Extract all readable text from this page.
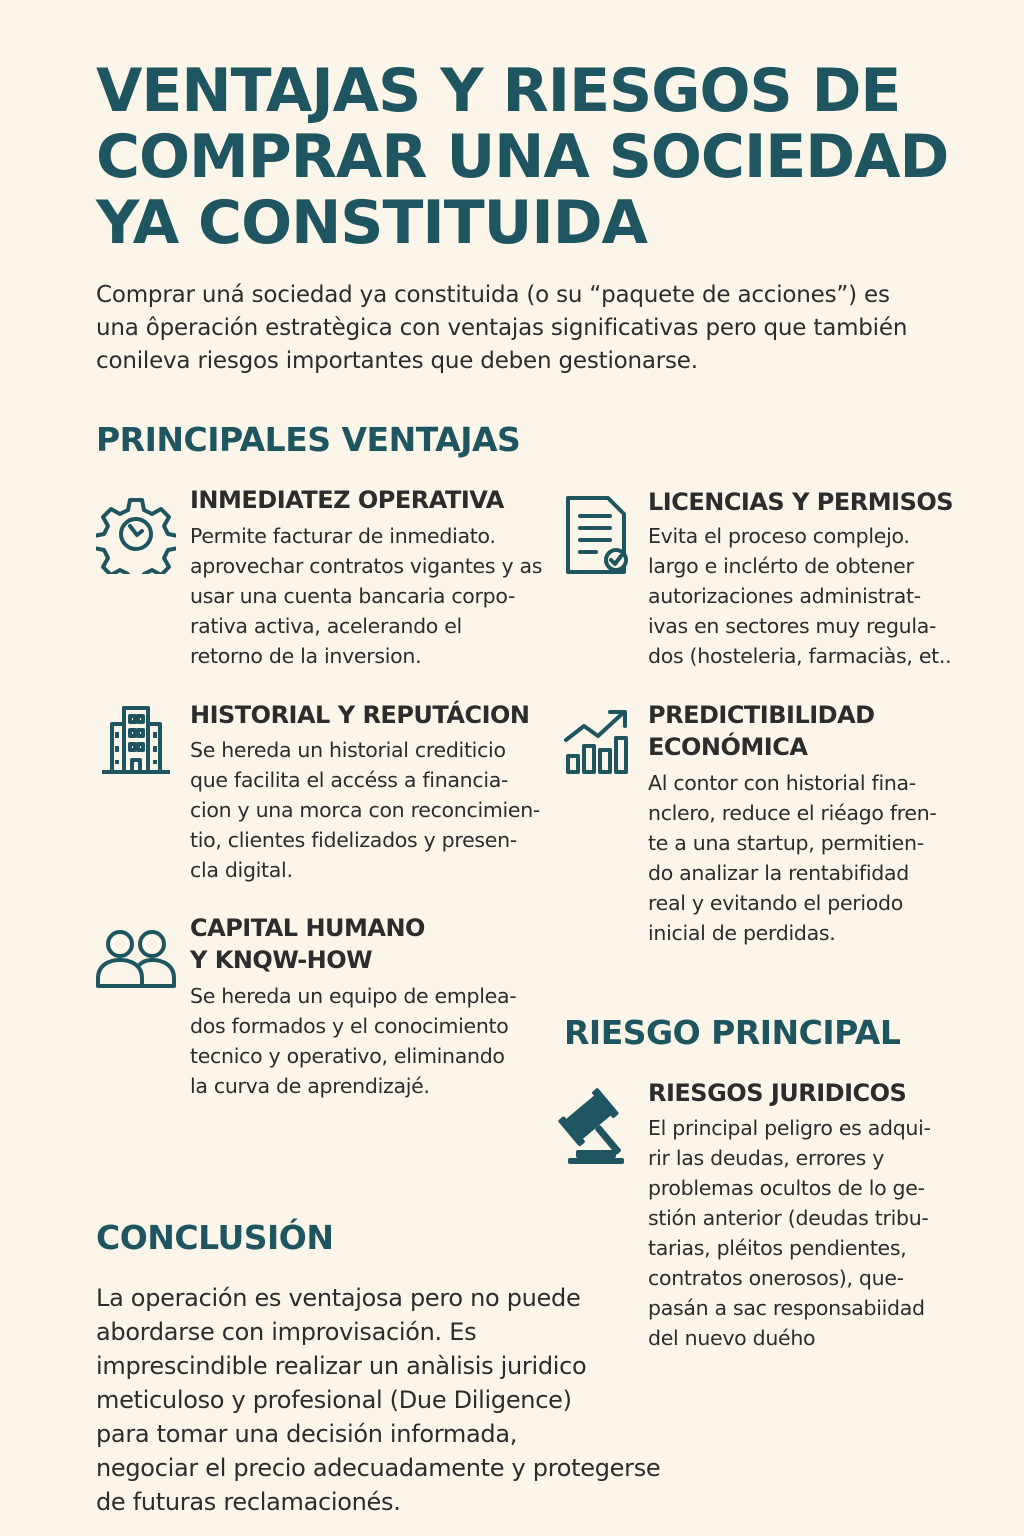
VENTAJAS Y RIESGOS DE
COMPRAR UNA SOCIEDAD
YA CONSTITUIDA

Comprar uná sociedad ya constituida (o su “paquete de acciones”) es
una ôperación estratègica con ventajas significativas pero que también
conileva riesgos importantes que deben gestionarse.

PRINCIPALES VENTAJAS
INMEDIATEZ OPERATIVA

Permite facturar de inmediato.
aprovechar contratos vigantes y as
usar una cuenta bancaria corpo-
rativa activa, acelerando el
retorno de la inversion.

LICENCIAS Y PERMISOS

Evita el proceso complejo.
largo e inclérto de obtener
autorizaciones administrat-
ivas en sectores muy regula-
dos (hosteleria, farmaciàs, et..

HISTORIAL Y REPUTÁCION

Se hereda un historial crediticio
que facilita el accéss a financia-
cion y una morca con reconcimien-
tio, clientes fidelizados y presen-
cla digital.

PREDICTIBILIDAD
ECONÓMICA

Al contor con historial fina-
nclero, reduce el riéago fren-
te a una startup, permitien-
do analizar la rentabifidad
real y evitando el periodo
inicial de perdidas.

CAPITAL HUMANO
Y KNQW-HOW

Se hereda un equipo de emplea-
dos formados y el conocimiento
tecnico y operativo, eliminando
la curva de aprendizajé.

RIESGO PRINCIPAL
RIESGOS JURIDICOS

El principal peligro es adqui-
rir las deudas, errores y
problemas ocultos de lo ge-
stión anterior (deudas tribu-
tarias, pléitos pendientes,
contratos onerosos), que-
pasán a sac responsabiidad
del nuevo duého

CONCLUSIÓN

La operación es ventajosa pero no puede
abordarse con improvisación. Es
imprescindible realizar un anàlisis juridico
meticuloso y profesional (Due Diligence)
para tomar una decisión informada,
negociar el precio adecuadamente y protegerse
de futuras reclamacionés.
